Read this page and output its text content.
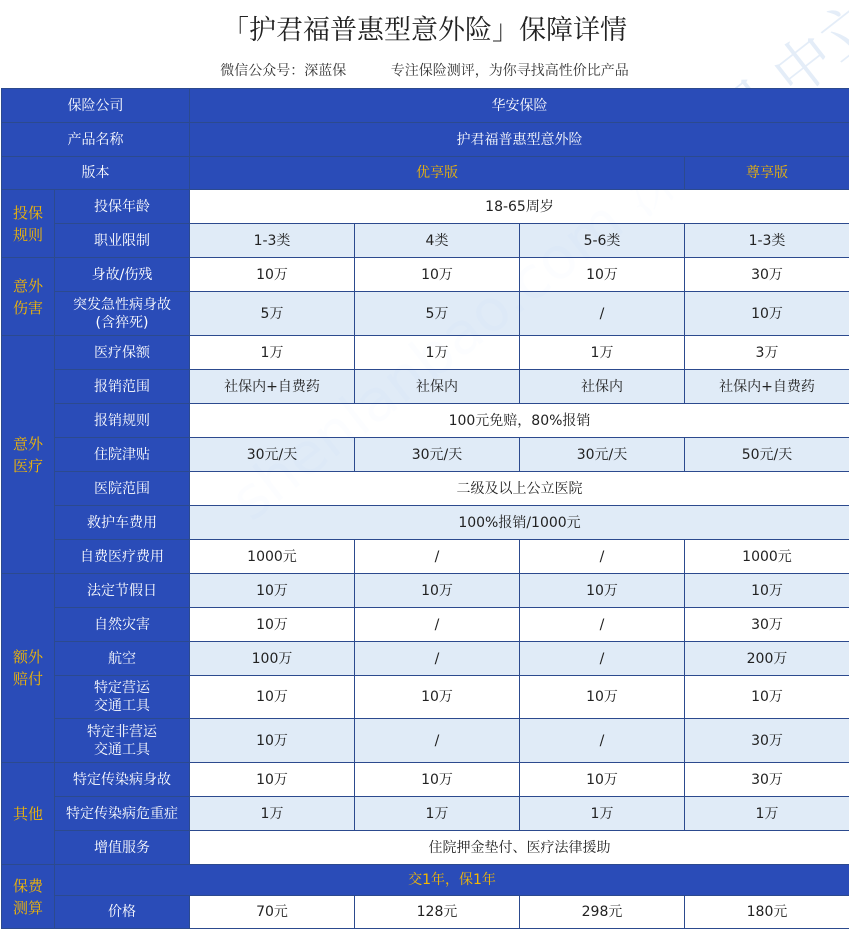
「护君福普惠型意外险」保障详情
微信公众号：深蓝保          专注保险测评，为你寻找高性价比产品	中立
保险公司		华安保险			
产品名称		护君福普惠型意外险			
版本		优享版			尊享版
投保规则	投保年龄	18-65周岁			
	职业限制	1-3类	4类	5-6类	1-3类
意外伤害	身故/伤残	10万	10万	10万	30万
	突发急性病身故
(含猝死)	5万	5万	/	10万
意外医疗	医疗保额	1万	1万	1万	3万
	报销范围	社保内+自费药	社保内	社保内	社保内+自费药
	报销规则	100元免赔，80%报销			
	住院津贴	30元/天	30元/天	30元/天	50元/天
	医院范围	二级及以上公立医院			
	救护车费用	100%报销/1000元			
	自费医疗费用	1000元	/	/	1000元
额外赔付	法定节假日	10万	10万	10万	10万
	自然灾害	10万	/	/	30万
	航空	100万	/	/	200万
	特定营运
交通工具	10万	10万	10万	10万
	特定非营运
交通工具	10万	/	/	30万
其他	特定传染病身故	10万	10万	10万	30万
	特定传染病危重症	1万	1万	1万	1万
	增值服务	住院押金垫付、医疗法律援助			
保费测算	交1年，保1年				
	价格	70元	128元	298元	180元
